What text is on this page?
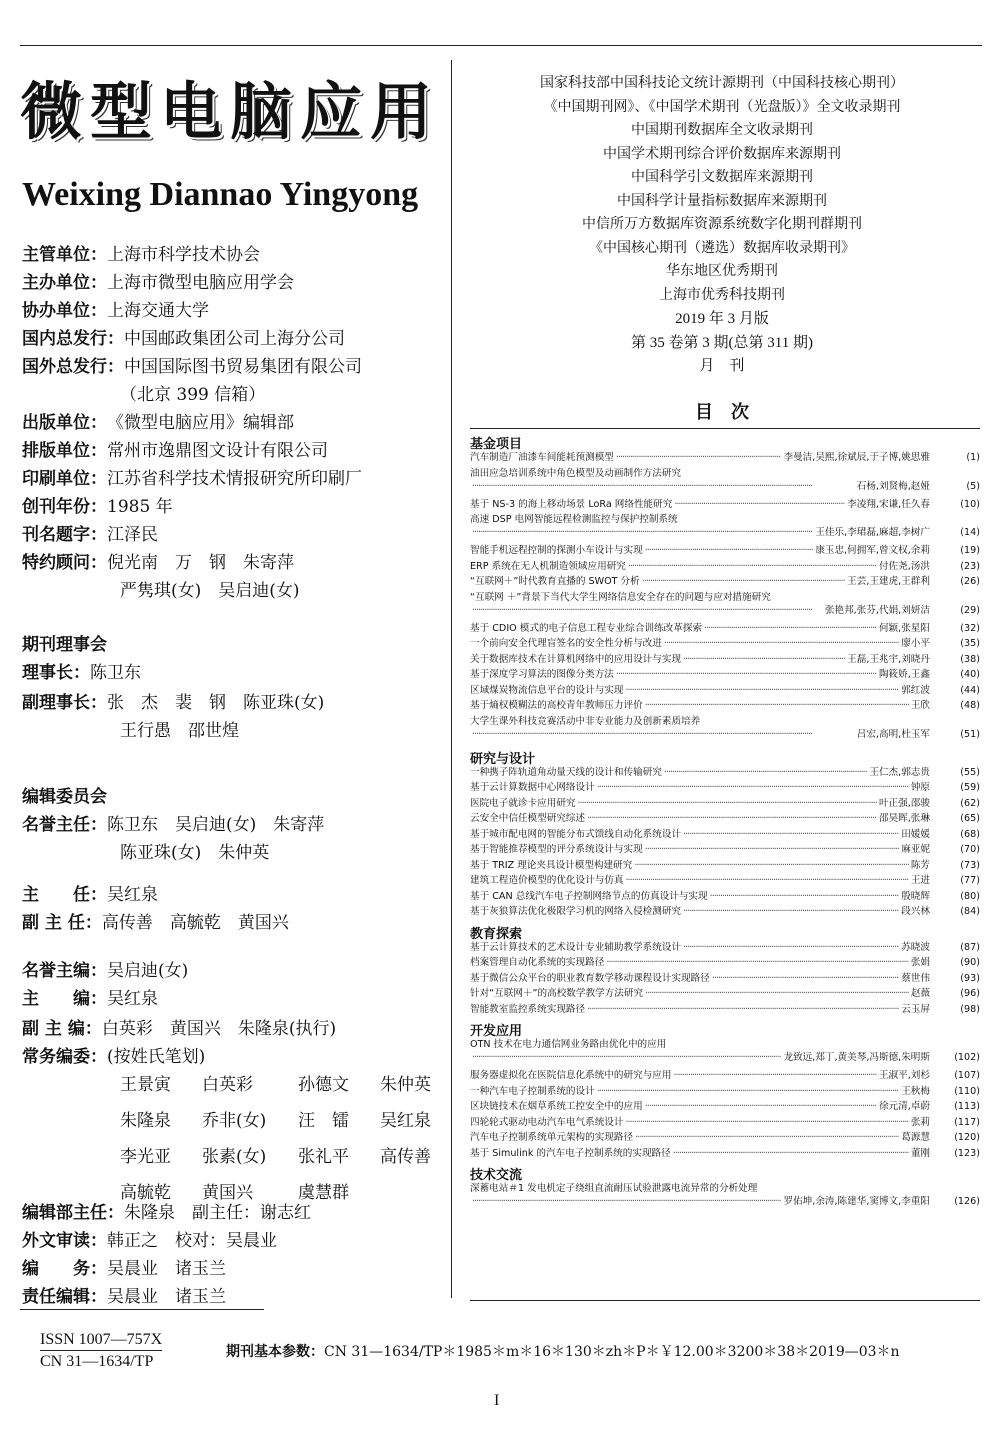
微型电脑应用
Weixing Diannao Yingyong
主管单位： 上海市科学技术协会
主办单位： 上海市微型电脑应用学会
协办单位： 上海交通大学
国内总发行： 中国邮政集团公司上海分公司
国外总发行： 中国国际图书贸易集团有限公司
（北京 399 信箱）
出版单位： 《微型电脑应用》编辑部
排版单位： 常州市逸鼎图文设计有限公司
印刷单位： 江苏省科学技术情报研究所印刷厂
创刊年份： 1985 年
刊名题字： 江泽民
特约顾问： 倪光南　万　钢　朱寄萍
严隽琪(女)　吴启迪(女)
期刊理事会
理事长： 陈卫东
副理事长： 张　杰　裴　钢　陈亚珠(女)
王行愚　邵世煌
编辑委员会
名誉主任： 陈卫东　吴启迪(女)　朱寄萍
陈亚珠(女)　朱仲英
主　　任： 吴红泉
副 主 任： 高传善　高毓乾　黄国兴
名誉主编： 吴启迪(女)
主　　编： 吴红泉
副 主 编： 白英彩　黄国兴　朱隆泉(执行)
常务编委： (按姓氏笔划)
王景寅	白英彩	孙德文	朱仲英
朱隆泉	乔非(女)	汪　镭	吴红泉
李光亚	张素(女)	张礼平	高传善
高毓乾	黄国兴	虞慧群
编辑部主任： 朱隆泉　副主任：谢志红
外文审读： 韩正之　校对：吴晨业
编　　务： 吴晨业　诸玉兰
责任编辑： 吴晨业　诸玉兰
国家科技部中国科技论文统计源期刊（中国科技核心期刊）
《中国期刊网》、《中国学术期刊（光盘版）》全文收录期刊
中国期刊数据库全文收录期刊
中国学术期刊综合评价数据库来源期刊
中国科学引文数据库来源期刊
中国科学计量指标数据库来源期刊
中信所万方数据库资源系统数字化期刊群期刊
《中国核心期刊（遴选）数据库收录期刊》
华东地区优秀期刊
上海市优秀科技期刊
2019 年 3 月版
第 35 卷第 3 期(总第 311 期)
月　刊
目　次
基金项目
汽车制造厂油漆车间能耗预测模型 ·····	李曼洁,吴熙,徐斌辰,于子博,姚思雅	(1)
油田应急培训系统中角色模型及动画制作方法研究
·····
石杨,刘贤梅,赵娅	(5)
基于 NS-3 的海上移动场景 LoRa 网络性能研究 ·····	李凌翔,宋谦,任久春	(10)
高速 DSP 电网智能远程检测监控与保护控制系统
·····
王佳乐,李珺磊,麻超,李树广	(14)
智能手机远程控制的探测小车设计与实现 ·····	康玉忠,何拥军,曾文权,余莉	(19)
ERP 系统在无人机制造领域应用研究 ·····	付佐尧,汤洪	(23)
“互联网＋”时代教育直播的 SWOT 分析 ·····	王芸,王建虎,王群利	(26)
“互联网 ＋”背景下当代大学生网络信息安全存在的问题与应对措施研究
·····
张艳邦,张芬,代娟,刘妍洁	(29)
基于 CDIO 模式的电子信息工程专业综合训练改革探索 ·····	何颖,张星阳	(32)
一个前向安全代理盲签名的安全性分析与改进 ·····	廖小平	(35)
关于数据库技术在计算机网络中的应用设计与实现 ·····	王磊,王兆宇,刘晓丹	(38)
基于深度学习算法的图像分类方法 ·····	陶筱娇,王鑫	(40)
区域煤炭物流信息平台的设计与实现 ·····	郭红波	(44)
基于熵权模糊法的高校青年教师压力评价 ·····	王欣	(48)
大学生课外科技竞赛活动中非专业能力及创新素质培养
·····
吕宏,高明,杜玉军	(51)
研究与设计
一种携子阵轨道角动量天线的设计和传输研究 ·····	王仁杰,郭志贵	(55)
基于云计算数据中心网络设计 ·····	钟原	(59)
医院电子就诊卡应用研究 ·····	叶正强,邵骏	(62)
云安全中信任模型研究综述 ·····	邵昊晖,张琳	(65)
基于城市配电网的智能分布式馈线自动化系统设计 ·····	田媛媛	(68)
基于智能推荐模型的评分系统设计与实现 ·····	麻亚妮	(70)
基于 TRIZ 理论夹具设计模型构建研究 ·····	陈芳	(73)
建筑工程造价模型的优化设计与仿真 ·····	王进	(77)
基于 CAN 总线汽车电子控制网络节点的仿真设计与实现 ·····	殷晓辉	(80)
基于灰狼算法优化极限学习机的网络入侵检测研究 ·····	段兴林	(84)
教育探索
基于云计算技术的艺术设计专业辅助教学系统设计 ·····	苏晓波	(87)
档案管理自动化系统的实现路径 ·····	张娟	(90)
基于微信公众平台的职业教育数学移动课程设计实现路径 ·····	蔡世伟	(93)
针对“互联网＋”的高校数学教学方法研究 ·····	赵薇	(96)
智能教室监控系统实现路径 ·····	云玉屏	(98)
开发应用
OTN 技术在电力通信网业务路由优化中的应用
·····
龙致远,郑丁,黄美琴,冯斯德,朱明斯	(102)
服务器虚拟化在医院信息化系统中的研究与应用 ·····	王淑平,刘杉	(107)
一种汽车电子控制系统的设计 ·····	王秋梅	(110)
区块链技术在烟草系统工控安全中的应用 ·····	徐元清,卓蔚	(113)
四轮轮式驱动电动汽车电气系统设计 ·····	张莉	(117)
汽车电子控制系统单元架构的实现路径 ·····	葛源慧	(120)
基于 Simulink 的汽车电子控制系统的实现路径 ·····	董刚	(123)
技术交流
深蓄电站＃1 发电机定子绕组直流耐压试验泄露电流异常的分析处理
·····
罗佑坤,余涛,陈建华,窦博文,李重阳	(126)
ISSN 1007—757X
CN 31—1634/TP
期刊基本参数： CN 31—1634/TP＊1985＊m＊16＊130＊zh＊P＊￥12.00＊3200＊38＊2019—03＊n
I
